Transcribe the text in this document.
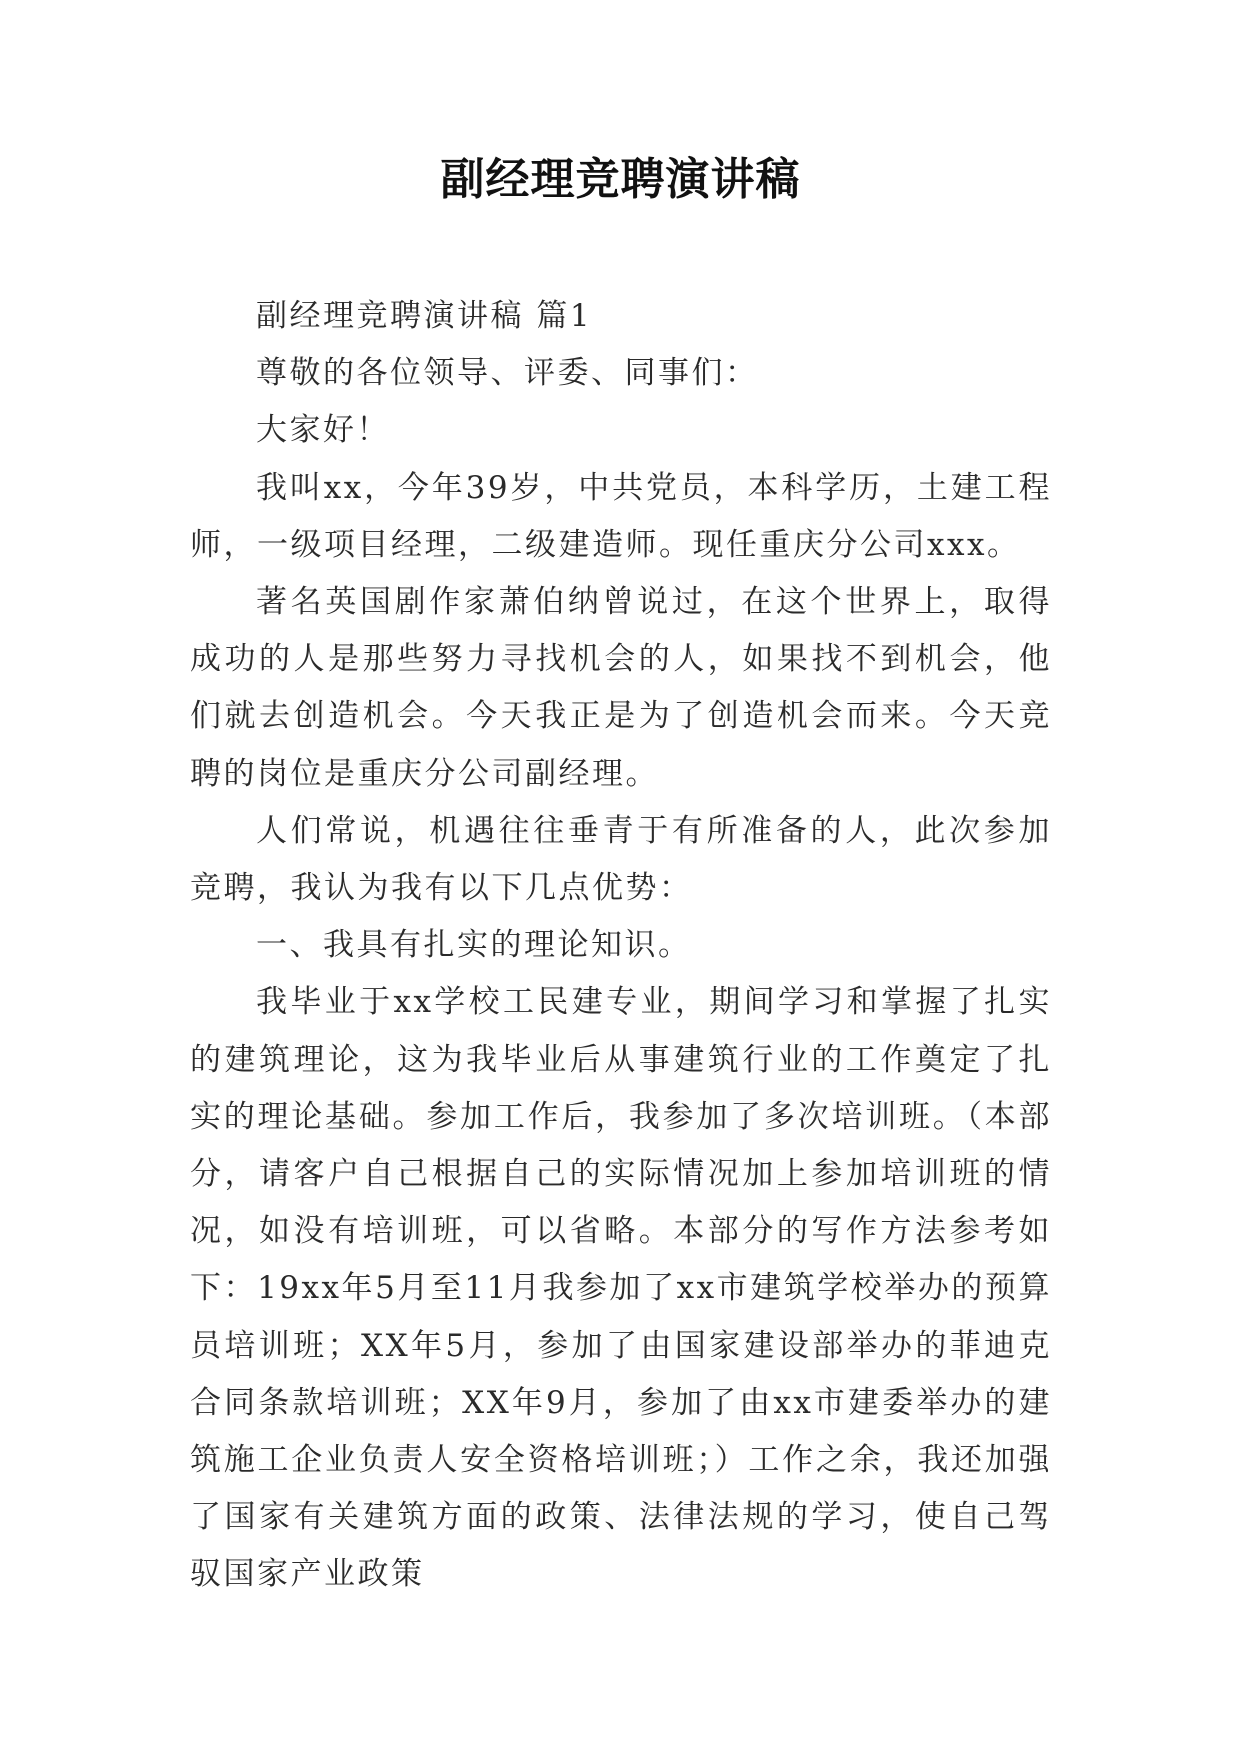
副经理竞聘演讲稿

副经理竞聘演讲稿 篇1

尊敬的各位领导、评委、同事们：

大家好！

我叫xx，今年39岁，中共党员，本科学历，土建工程师，一级项目经理，二级建造师。现任重庆分公司xxx。

著名英国剧作家萧伯纳曾说过，在这个世界上，取得成功的人是那些努力寻找机会的人，如果找不到机会，他们就去创造机会。今天我正是为了创造机会而来。今天竞聘的岗位是重庆分公司副经理。

人们常说，机遇往往垂青于有所准备的人，此次参加竞聘，我认为我有以下几点优势：

一、我具有扎实的理论知识。

我毕业于xx学校工民建专业，期间学习和掌握了扎实的建筑理论，这为我毕业后从事建筑行业的工作奠定了扎实的理论基础。参加工作后，我参加了多次培训班。（本部分，请客户自己根据自己的实际情况加上参加培训班的情况，如没有培训班，可以省略。本部分的写作方法参考如下：19xx年5月至11月我参加了xx市建筑学校举办的预算员培训班；XX年5月，参加了由国家建设部举办的菲迪克合同条款培训班；XX年9月，参加了由xx市建委举办的建筑施工企业负责人安全资格培训班；）工作之余，我还加强了国家有关建筑方面的政策、法律法规的学习，使自己驾驭国家产业政策
